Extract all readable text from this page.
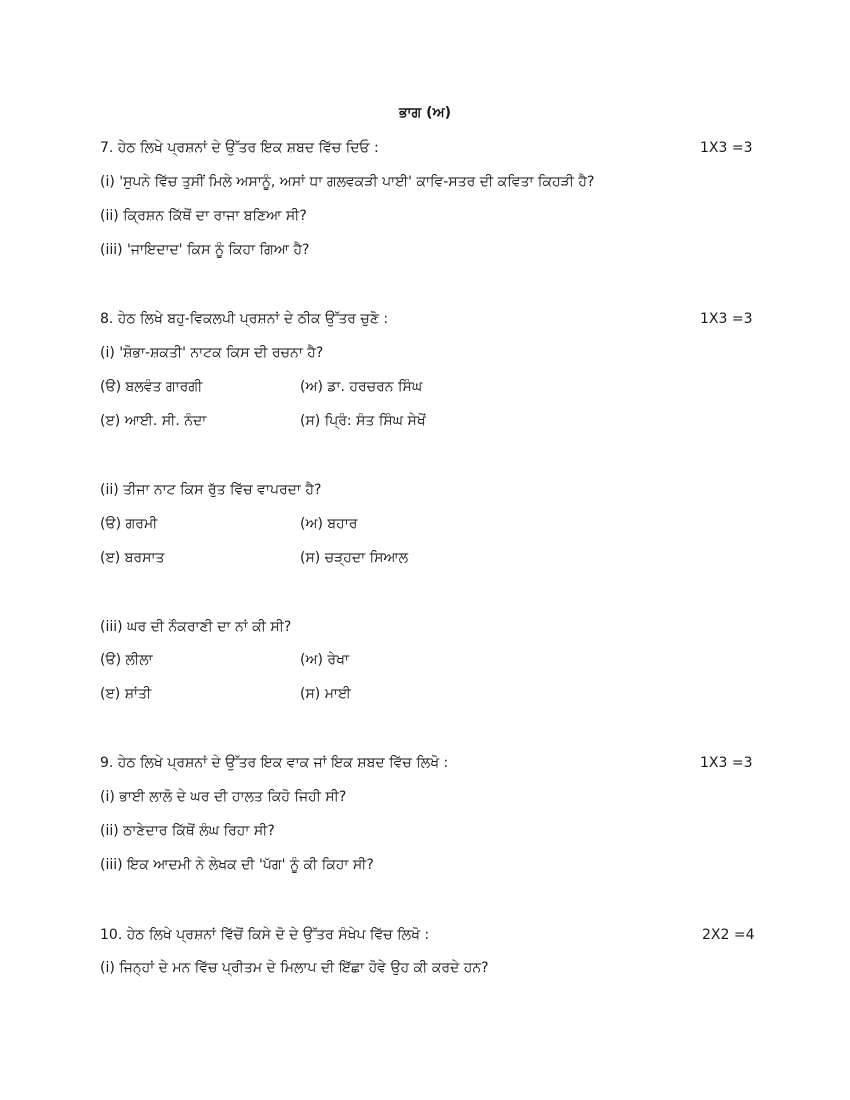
ਭਾਗ (ਅ)
7. ਹੇਠ ਲਿਖੇ ਪ੍ਰਸ਼ਨਾਂ ਦੇ ਉੱਤਰ ਇਕ ਸ਼ਬਦ ਵਿੱਚ ਦਿਓ :	1X3 =3
(i) 'ਸੁਪਨੇ ਵਿੱਚ ਤੁਸੀਂ ਮਿਲੇ ਅਸਾਨੂੰ, ਅਸਾਂ ਧਾ ਗਲਵਕੜੀ ਪਾਈ' ਕਾਵਿ-ਸਤਰ ਦੀ ਕਵਿਤਾ ਕਿਹੜੀ ਹੈ?
(ii) ਕ੍ਰਿਸ਼ਨ ਕਿੱਥੋਂ ਦਾ ਰਾਜਾ ਬਣਿਆ ਸੀ?
(iii) 'ਜਾਇਦਾਦ' ਕਿਸ ਨੂੰ ਕਿਹਾ ਗਿਆ ਹੈ?
8. ਹੇਠ ਲਿਖੇ ਬਹੁ-ਵਿਕਲਪੀ ਪ੍ਰਸ਼ਨਾਂ ਦੇ ਠੀਕ ਉੱਤਰ ਚੁਣੋ :	1X3 =3
(i) 'ਸ਼ੋਭਾ-ਸ਼ਕਤੀ' ਨਾਟਕ ਕਿਸ ਦੀ ਰਚਨਾ ਹੈ?
(ੳ) ਬਲਵੰਤ ਗਾਰਗੀ	(ਅ) ਡਾ. ਹਰਚਰਨ ਸਿੰਘ
(ੲ) ਆਈ. ਸੀ. ਨੰਦਾ	(ਸ) ਪ੍ਰਿੰ: ਸੰਤ ਸਿੰਘ ਸੇਖੋਂ
(ii) ਤੀਜਾ ਨਾਟ ਕਿਸ ਰੁੱਤ ਵਿੱਚ ਵਾਪਰਦਾ ਹੈ?
(ੳ) ਗਰਮੀ	(ਅ) ਬਹਾਰ
(ੲ) ਬਰਸਾਤ	(ਸ) ਚੜ੍ਹਦਾ ਸਿਆਲ
(iii) ਘਰ ਦੀ ਨੌਕਰਾਣੀ ਦਾ ਨਾਂ ਕੀ ਸੀ?
(ੳ) ਲੀਲਾ	(ਅ) ਰੇਖਾ
(ੲ) ਸ਼ਾਂਤੀ	(ਸ) ਮਾਈ
9. ਹੇਠ ਲਿਖੇ ਪ੍ਰਸ਼ਨਾਂ ਦੇ ਉੱਤਰ ਇਕ ਵਾਕ ਜਾਂ ਇਕ ਸ਼ਬਦ ਵਿੱਚ ਲਿਖੋ :	1X3 =3
(i) ਭਾਈ ਲਾਲੋ ਦੇ ਘਰ ਦੀ ਹਾਲਤ ਕਿਹੋ ਜਿਹੀ ਸੀ?
(ii) ਠਾਣੇਦਾਰ ਕਿੱਥੋਂ ਲੰਘ ਰਿਹਾ ਸੀ?
(iii) ਇਕ ਆਦਮੀ ਨੇ ਲੇਖਕ ਦੀ 'ਪੱਗ' ਨੂੰ ਕੀ ਕਿਹਾ ਸੀ?
10. ਹੇਠ ਲਿਖੇ ਪ੍ਰਸ਼ਨਾਂ ਵਿੱਚੋਂ ਕਿਸੇ ਦੋ ਦੇ ਉੱਤਰ ਸੰਖੇਪ ਵਿੱਚ ਲਿਖੋ :	2X2 =4
(i) ਜਿਨ੍ਹਾਂ ਦੇ ਮਨ ਵਿੱਚ ਪ੍ਰੀਤਮ ਦੇ ਮਿਲਾਪ ਦੀ ਇੱਛਾ ਹੋਵੇ ਉਹ ਕੀ ਕਰਦੇ ਹਨ?
